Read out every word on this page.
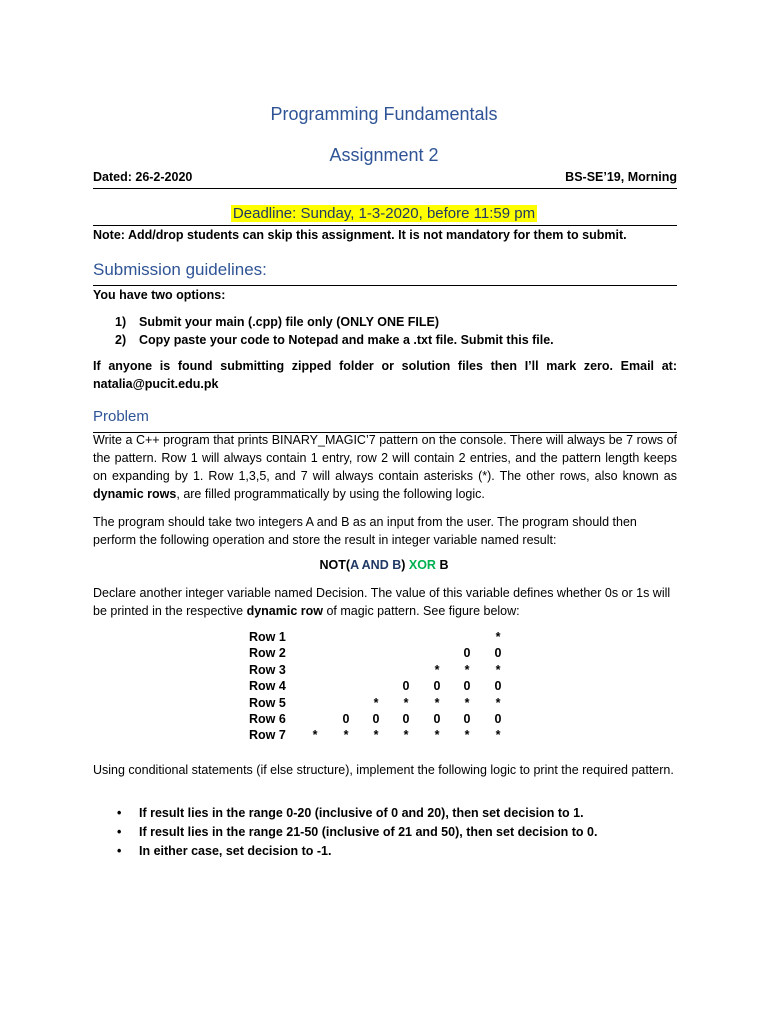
Programming Fundamentals
Assignment 2
Dated: 26-2-2020	BS-SE’19, Morning
Deadline: Sunday, 1-3-2020, before 11:59 pm
Note: Add/drop students can skip this assignment. It is not mandatory for them to submit.
Submission guidelines:
You have two options:
1) Submit your main (.cpp) file only (ONLY ONE FILE)
2) Copy paste your code to Notepad and make a .txt file. Submit this file.
If anyone is found submitting zipped folder or solution files then I’ll mark zero. Email at: natalia@pucit.edu.pk
Problem
Write a C++ program that prints BINARY_MAGIC’7 pattern on the console. There will always be 7 rows of the pattern. Row 1 will always contain 1 entry, row 2 will contain 2 entries, and the pattern length keeps on expanding by 1. Row 1,3,5, and 7 will always contain asterisks (*). The other rows, also known as dynamic rows, are filled programmatically by using the following logic.
The program should take two integers A and B as an input from the user. The program should then perform the following operation and store the result in integer variable named result:
NOT(A AND B) XOR B
Declare another integer variable named Decision. The value of this variable defines whether 0s or 1s will be printed in the respective dynamic row of magic pattern. See figure below:
Row 1	*
Row 2	0 0
Row 3	*	*	*
Row 4	0 0 0 0
Row 5	*	*	*	*	*
Row 6	0 0 0 0 0 0
Row 7	*	*	*	*	*	*	*
Using conditional statements (if else structure), implement the following logic to print the required pattern.
• If result lies in the range 0-20 (inclusive of 0 and 20), then set decision to 1.
• If result lies in the range 21-50 (inclusive of 21 and 50), then set decision to 0.
• In either case, set decision to -1.
